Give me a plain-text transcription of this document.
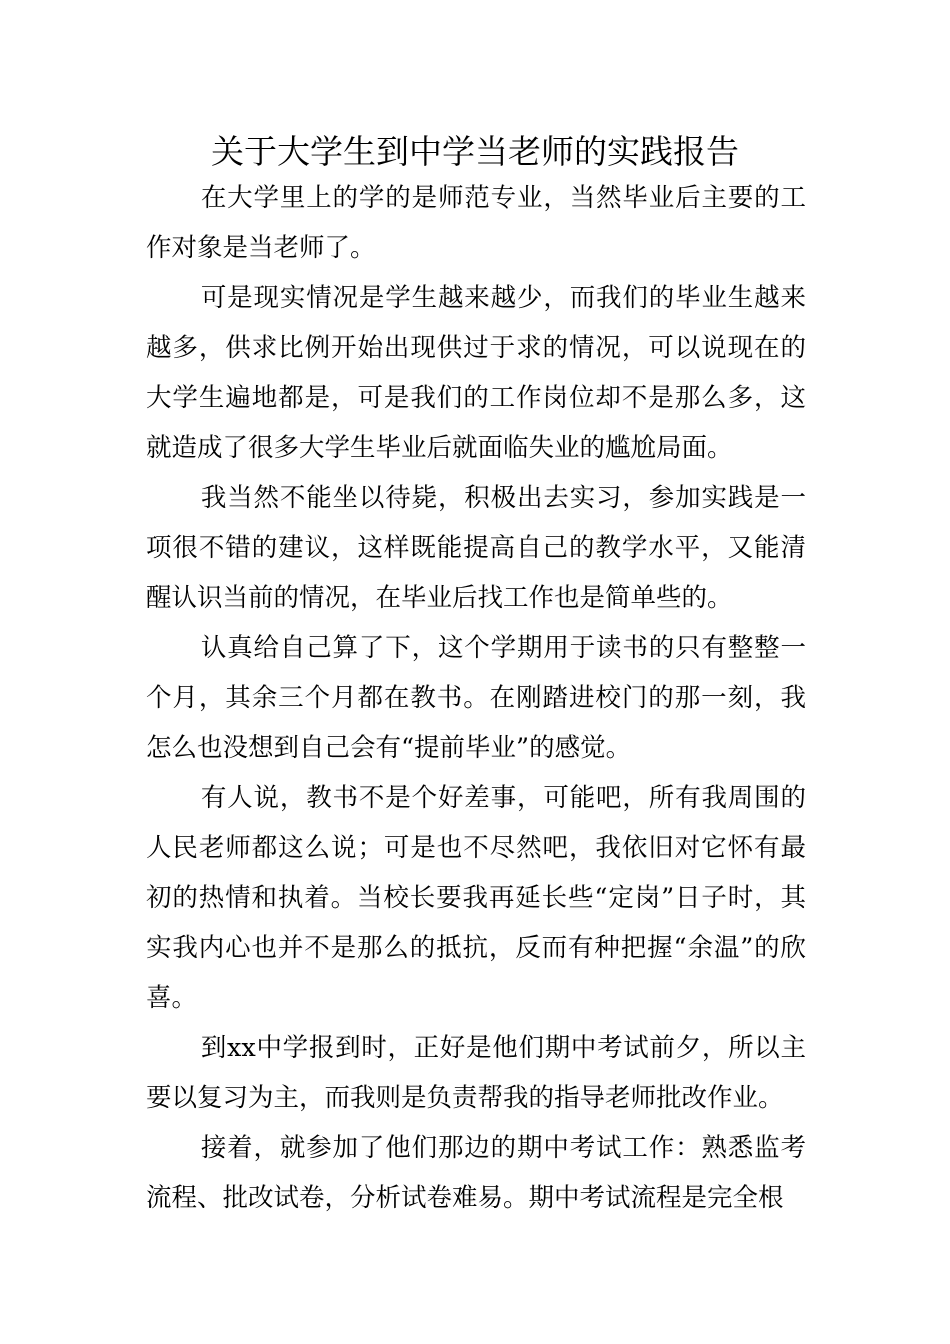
关于大学生到中学当老师的实践报告

在大学里上的学的是师范专业，当然毕业后主要的工作对象是当老师了。

可是现实情况是学生越来越少，而我们的毕业生越来越多，供求比例开始出现供过于求的情况，可以说现在的大学生遍地都是，可是我们的工作岗位却不是那么多，这就造成了很多大学生毕业后就面临失业的尴尬局面。

我当然不能坐以待毙，积极出去实习，参加实践是一项很不错的建议，这样既能提高自己的教学水平，又能清醒认识当前的情况，在毕业后找工作也是简单些的。

认真给自己算了下，这个学期用于读书的只有整整一个月，其余三个月都在教书。在刚踏进校门的那一刻，我怎么也没想到自己会有“提前毕业”的感觉。

有人说，教书不是个好差事，可能吧，所有我周围的人民老师都这么说；可是也不尽然吧，我依旧对它怀有最初的热情和执着。当校长要我再延长些“定岗”日子时，其实我内心也并不是那么的抵抗，反而有种把握“余温”的欣喜。

到xx中学报到时，正好是他们期中考试前夕，所以主要以复习为主，而我则是负责帮我的指导老师批改作业。

接着，就参加了他们那边的期中考试工作：熟悉监考流程、批改试卷，分析试卷难易。期中考试流程是完全根
